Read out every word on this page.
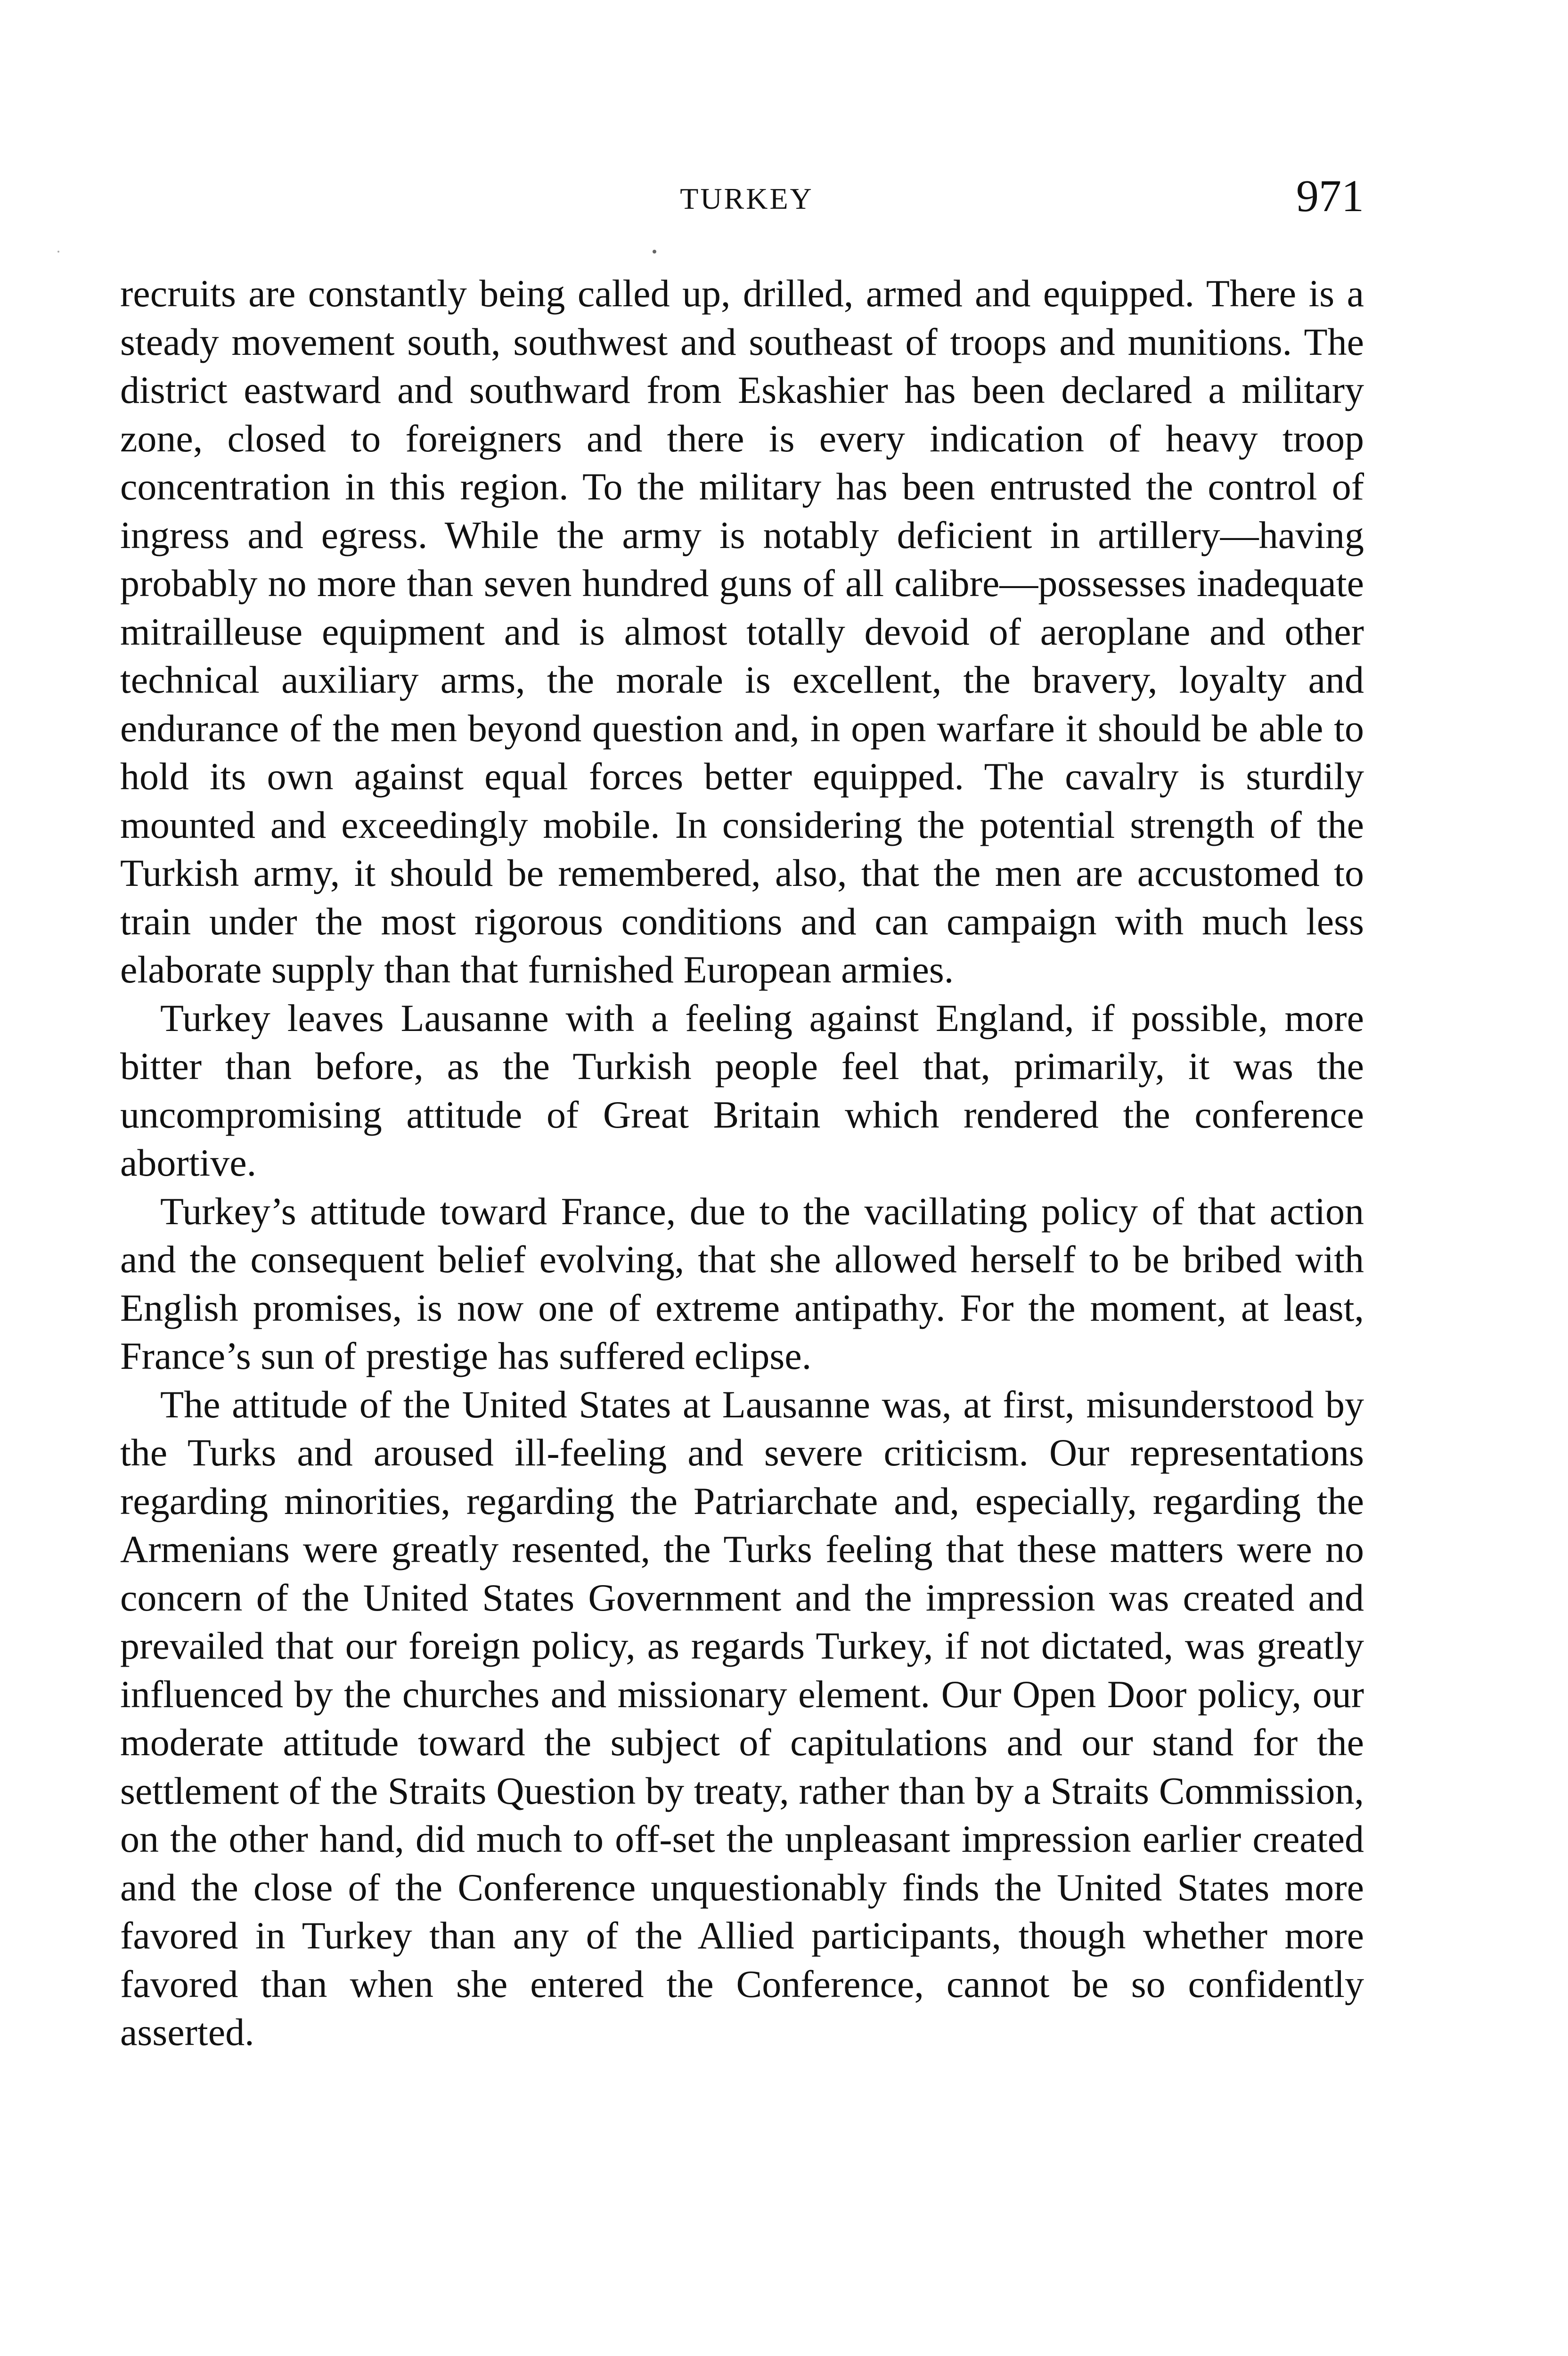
TURKEY	971

recruits are constantly being called up, drilled, armed and equipped. There is a steady movement south, southwest and southeast of troops and munitions. The district eastward and southward from Eskashier has been declared a military zone, closed to foreigners and there is every indication of heavy troop concentration in this region. To the military has been entrusted the control of ingress and egress. While the army is notably deficient in artillery—having probably no more than seven hundred guns of all calibre—possesses inadequate mitrailleuse equipment and is almost totally devoid of aeroplane and other technical auxiliary arms, the morale is excellent, the bravery, loyalty and endurance of the men beyond question and, in open warfare it should be able to hold its own against equal forces better equipped. The cavalry is sturdily mounted and exceedingly mobile. In considering the potential strength of the Turkish army, it should be remembered, also, that the men are accustomed to train under the most rigorous conditions and can campaign with much less elaborate supply than that furnished European armies.

Turkey leaves Lausanne with a feeling against England, if possible, more bitter than before, as the Turkish people feel that, primarily, it was the uncompromising attitude of Great Britain which rendered the conference abortive.

Turkey’s attitude toward France, due to the vacillating policy of that action and the consequent belief evolving, that she allowed herself to be bribed with English promises, is now one of extreme antipathy. For the moment, at least, France’s sun of prestige has suffered eclipse.

The attitude of the United States at Lausanne was, at first, misunderstood by the Turks and aroused ill-feeling and severe criticism. Our representations regarding minorities, regarding the Patriarchate and, especially, regarding the Armenians were greatly resented, the Turks feeling that these matters were no concern of the United States Government and the impression was created and prevailed that our foreign policy, as regards Turkey, if not dictated, was greatly influenced by the churches and missionary element. Our Open Door policy, our moderate attitude toward the subject of capitulations and our stand for the settlement of the Straits Question by treaty, rather than by a Straits Commission, on the other hand, did much to off-set the unpleasant impression earlier created and the close of the Conference unquestionably finds the United States more favored in Turkey than any of the Allied participants, though whether more favored than when she entered the Conference, cannot be so confidently asserted.
